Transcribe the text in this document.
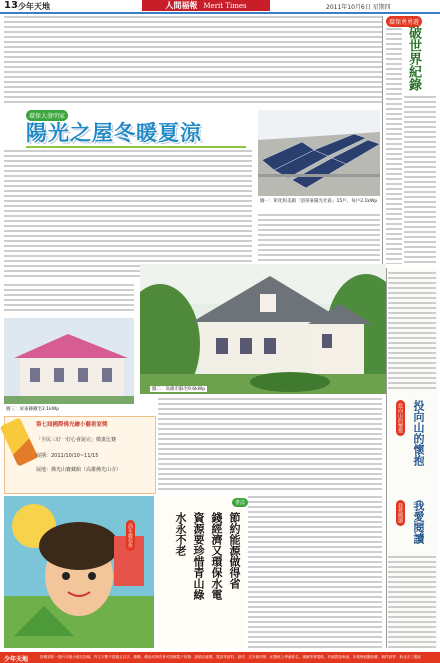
13 少年天地	人間福報 Merit Times	2011年10月6日 星期四
環保勇勇遊
破世界紀錄
環保大發明家
陽光之屋冬暖夏涼
圖一：彰化和美鎮「頂蒂豪陽光社區」15戶，每戶2.1kWp
圖二：高雄市蘇宅9.6kWp
圖三：屏東縣戴宅2.1kWp
第七屆國際佛光繪小藝術家獎
「全民三好一好心會說完」徵畫比賽
展期：2011/10/10~11/15
展地：佛光山寶藏館（高雄佛光山寺）
投向山的懷抱 投向山的懷抱
我愛閱讀 我愛閱讀
高年級佳作
書法
節約能源做得省
錢經濟又環保水電
資源要珍惜青山綠
水永不老
少年天地	投稿須知一期六年級小朋友投稿，作文字數不超過五百字，優優。優良或與作者可投稿電子信箱：請填正確郵，電話等資料，請作、五年級同學，紀錄班上學童姓名、讀讀等發電紙，有疑問請來函，本報保留刪改權，稿件請寄：新北市三重區
